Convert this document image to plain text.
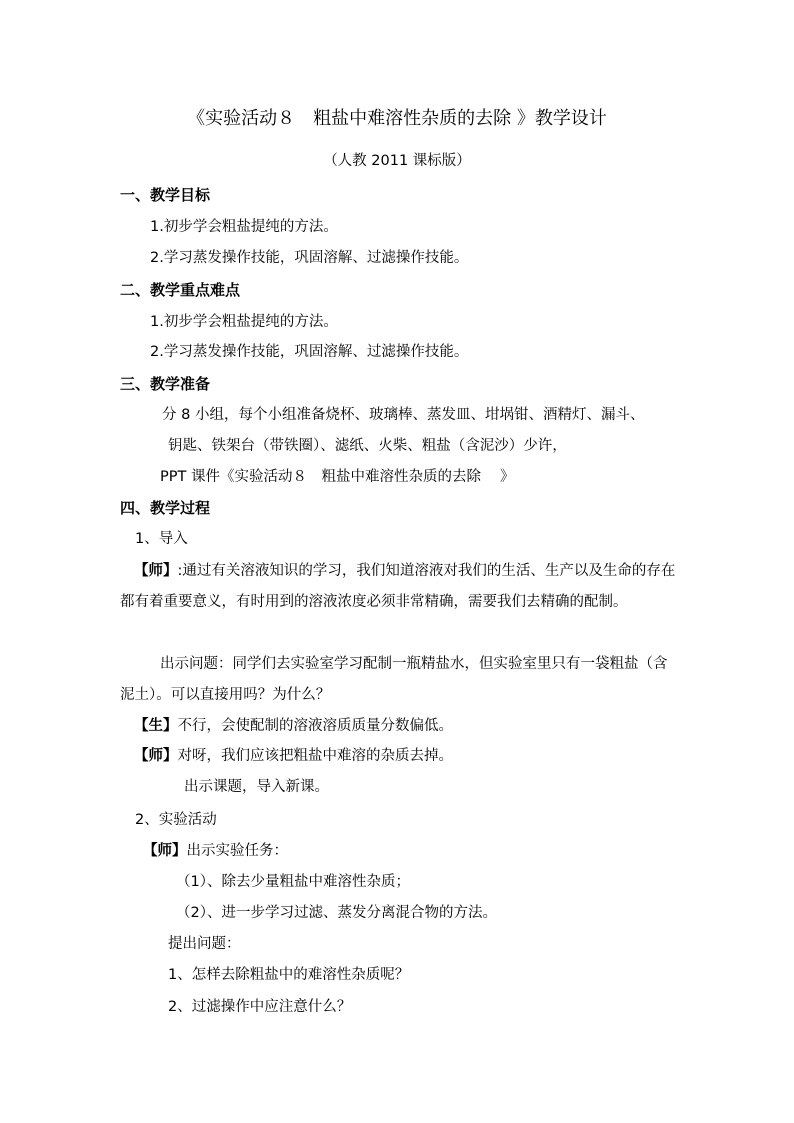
《实验活动８　粗盐中难溶性杂质的去除 》教学设计
（人教 2011 课标版）
一、教学目标
1.初步学会粗盐提纯的方法。
2.学习蒸发操作技能，巩固溶解、过滤操作技能。
二、教学重点难点
1.初步学会粗盐提纯的方法。
2.学习蒸发操作技能，巩固溶解、过滤操作技能。
三、教学准备
分 8 小组，每个小组准备烧杯、玻璃棒、蒸发皿、坩埚钳、酒精灯、漏斗、
钥匙、铁架台（带铁圈）、滤纸、火柴、粗盐（含泥沙）少许，
PPT 课件《实验活动８　粗盐中难溶性杂质的去除　 》
四、教学过程
1、导入
【师】:通过有关溶液知识的学习，我们知道溶液对我们的生活、生产以及生命的存在都有着重要意义，有时用到的溶液浓度必须非常精确，需要我们去精确的配制。
出示问题：同学们去实验室学习配制一瓶精盐水，但实验室里只有一袋粗盐（含泥土）。可以直接用吗？为什么？
【生】不行，会使配制的溶液溶质质量分数偏低。
【师】对呀，我们应该把粗盐中难溶的杂质去掉。
出示课题，导入新课。
2、实验活动
【师】出示实验任务：
（1）、除去少量粗盐中难溶性杂质；
（2）、进一步学习过滤、蒸发分离混合物的方法。
提出问题：
1、怎样去除粗盐中的难溶性杂质呢？
2、过滤操作中应注意什么？
